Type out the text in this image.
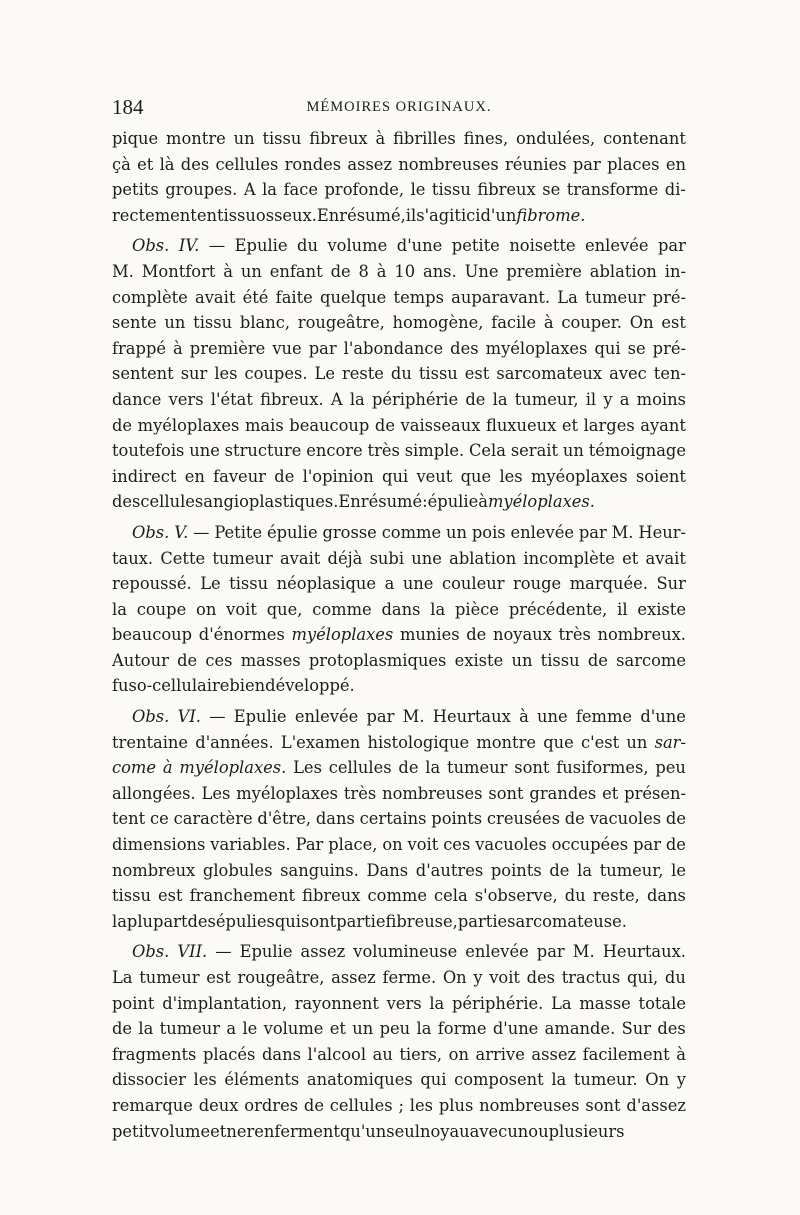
184	MÉMOIRES ORIGINAUX.
pique montre un tissu fibreux à fibrilles fines, ondulées, contenant
çà et là des cellules rondes assez nombreuses réunies par places en
petits groupes. A la face profonde, le tissu fibreux se transforme di-
rectement en tissu osseux. En résumé, il s'agit ici d'un fibrome.
Obs. IV. — Epulie du volume d'une petite noisette enlevée par
M. Montfort à un enfant de 8 à 10 ans. Une première ablation in-
complète avait été faite quelque temps auparavant. La tumeur pré-
sente un tissu blanc, rougeâtre, homogène, facile à couper. On est
frappé à première vue par l'abondance des myéloplaxes qui se pré-
sentent sur les coupes. Le reste du tissu est sarcomateux avec ten-
dance vers l'état fibreux. A la périphérie de la tumeur, il y a moins
de myéloplaxes mais beaucoup de vaisseaux fluxueux et larges ayant
toutefois une structure encore très simple. Cela serait un témoignage
indirect en faveur de l'opinion qui veut que les myéoplaxes soient
des cellules angioplastiques. En résumé : épulie à myéloplaxes.
Obs. V. — Petite épulie grosse comme un pois enlevée par M. Heur-
taux. Cette tumeur avait déjà subi une ablation incomplète et avait
repoussé. Le tissu néoplasique a une couleur rouge marquée. Sur
la coupe on voit que, comme dans la pièce précédente, il existe
beaucoup d'énormes myéloplaxes munies de noyaux très nombreux.
Autour de ces masses protoplasmiques existe un tissu de sarcome
fuso-cellulaire bien développé.
Obs. VI. — Epulie enlevée par M. Heurtaux à une femme d'une
trentaine d'années. L'examen histologique montre que c'est un sar-
come à myéloplaxes. Les cellules de la tumeur sont fusiformes, peu
allongées. Les myéloplaxes très nombreuses sont grandes et présen-
tent ce caractère d'être, dans certains points creusées de vacuoles de
dimensions variables. Par place, on voit ces vacuoles occupées par de
nombreux globules sanguins. Dans d'autres points de la tumeur, le
tissu est franchement fibreux comme cela s'observe, du reste, dans
la plupart des épulies qui sont partie fibreuse, partie sarcomateuse.
Obs. VII. — Epulie assez volumineuse enlevée par M. Heurtaux.
La tumeur est rougeâtre, assez ferme. On y voit des tractus qui, du
point d'implantation, rayonnent vers la périphérie. La masse totale
de la tumeur a le volume et un peu la forme d'une amande. Sur des
fragments placés dans l'alcool au tiers, on arrive assez facilement à
dissocier les éléments anatomiques qui composent la tumeur. On y
remarque deux ordres de cellules ; les plus nombreuses sont d'assez
petit volume et ne renferment qu'un seul noyau avec un ou plusieurs
